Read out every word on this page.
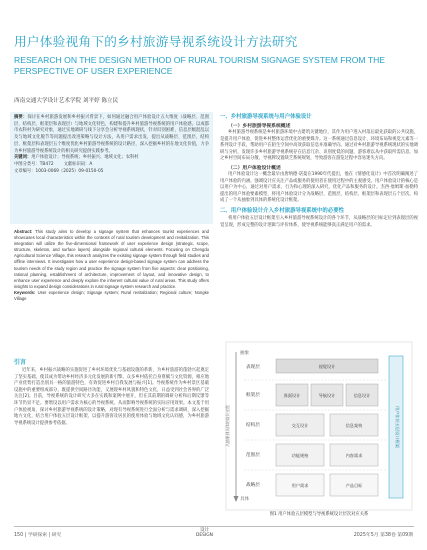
用户体验视角下的乡村旅游导视系统设计方法研究
RESEARCH ON THE DESIGN METHOD OF RURAL TOURISM SIGNAGE SYSTEM FROM THE PERSPECTIVE OF USER EXPERIENCE
西南交通大学设计艺术学院 刘平婷 陈立民

摘要：探讨在乡村旅游发展和乡村振兴背景下，如何通过融合用户体验设计五大维度（战略层、范围层、结构层、框架层和表现层）与地域文化特色，构建和提升乡村旅游导视系统的用户体验感。以成都市农科村为研究对象，通过实地调研与线下分享会分析导视系统现状，针对识别困难、信息层级混乱以及与地域文化脱节等问题提出改进策略与设计方法，从用户需求出发，提出从战略层、范围层、结构层、框架层和表现层五个维度优化乡村旅游导视系统的设计路径，深入挖掘乡村的在地文化价值，力争为乡村旅游导视系统设计的相关研究提供实践参考。

关键词：用户体验设计；导视系统；乡村振兴；地域文化；农科村

中图分类号：TB472 文献标识码：A
文章编号：1003-0069（2025）09-0150-05

Abstract: This study aims to develop a signage system that enhances tourist experiences and showcases local characteristics within the contexts of rural tourism development and revitalization. This integration will utilize the five-dimensional framework of user experience design (strategic, scope, structure, skeleton, and surface layers) alongside regional cultural elements. Focusing on Chengdu Agricultural Science Village, this research analyzes the existing signage system through field studies and offline interviews. It investigates how a user experience design-based signage system can address the tourism needs of the study region and practice the signage system from five aspects: clear positioning, rational planning, establishment of architecture, improvement of layout, and innovative design, to enhance user experience and deeply explore the inherent cultural value of rural areas. This study offers insights to expand design considerations in rural signage system research and practice.

Keywords: User experience design; Signage system; Rural revitalization; Regional culture; Nongke Village

引言

近年来，乡村振兴战略的实施促进了乡村环境优化与基础设施的革新，为乡村旅游的蓬勃兴起奠定了坚实基础，使其成为带动乡村经济多元化发展的新引擎。众多乡村依托自身禀赋与文化资源，相应地产业优势打造出别具一格的旅游特色，有效促进乡村自我发展与振兴[1]。导视系统作为乡村景区基础设施中的重要组成部分，既提供空间路径功能，又展现乡村风貌和特色文化，日益受到社会各界的广泛关注[2]。目前，导视系统的设计研究大多在实践和案例中展开，但在其前期的调研分析和后期反馈等环节仍显不足。要增设以用户需求为核心的导视系统，从而影响导视系统的实际应用效果。本文基于用户体验视角，探讨乡村旅游导视系统的设计策略，对现有导视系统进行全面分析与需求调研，深入挖掘地方文化，结合用户体验五层设计框架，以提升游客及居民的使用体验与地域文化认同感，为乡村旅游导视系统设计提供参考依据。

一、乡村旅游导视系统与用户体验设计
（一）乡村旅游导视系统概述

乡村旅游导视系统是乡村旅游环境中古建筑关键地位，其作为用户进入村落后最先获取的公共设施，是提升用户体验、促进乡村整体运营优化的重要媒介。这一系统通过信息设计、环境布局和视觉元素等一系列设计手段，帮助用户在陌生空间中高效获取信息并准确导向。通过对乡村旅游导视系统现状的实地调研与分析，发现许多乡村旅游导视系统存在信息冗杂、识别度低的问题，游客难以从中获取所需信息，加之乡村空间布局分散，导视牌设置缺乏系统规划，导致游客在游览过程中容易迷失方向。

（二）用户体验设计概述

用户体验设计这一概念最早由唐纳德·诺曼在1990年代提出，他在《情感化设计》中首次明确阐述了用户体验的内涵。强调设计应关注产品或服务的使用者在使用过程中的主观感受。用户体验设计的核心是以用户为中心，通过对用户需求、行为和心理的深入研究，优化产品和服务的设计。杰西·詹姆斯·加勒特提出的用户体验要素模型，将用户体验设计分为战略层、范围层、结构层、框架层和表现层五个层次，构成了一个从抽象到具体的系统化设计框架。

二、用户体验设计介入乡村旅游导视系统中的必要性

将用户体验五层设计框架引入乡村旅游导视系统设计的各个环节，从战略层的目标定位到表现层的视觉呈现，形成完整的设计逻辑与评价体系，使导视系统能够真正满足用户的需求。

抽象
具体
从抽象到具体的设计过程
表现层
框架层
结构层
范围层
战略层
视觉设计
界面设计	导航设计	信息设计
交互设计	信息架构
功能规格	内容需求
用户需求	产品目标
用户体验五层设计框架
图1 用户体验五层模型与导视系统设计层次对应关系
150 | 学研探索 | 研究
设计
DESIGN	2025年5月 第38卷 第09期
